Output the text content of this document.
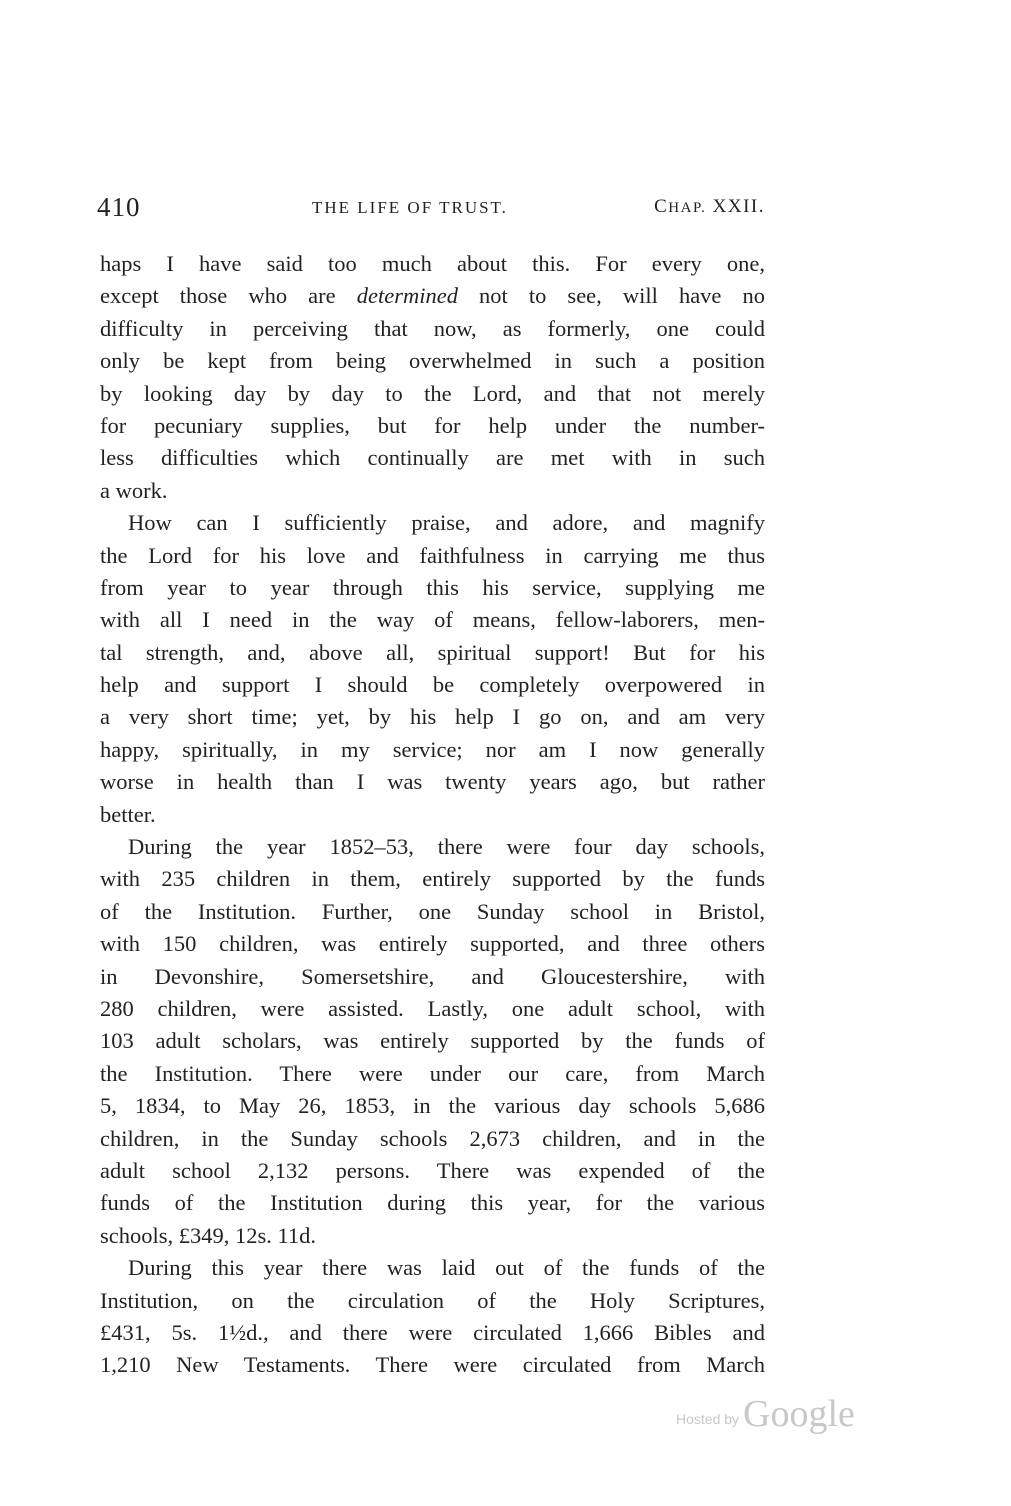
410	THE LIFE OF TRUST.	CHAP. XXII.
haps I have said too much about this. For every one,
except those who are determined not to see, will have no
difficulty in perceiving that now, as formerly, one could
only be kept from being overwhelmed in such a position
by looking day by day to the Lord, and that not merely
for pecuniary supplies, but for help under the number-
less difficulties which continually are met with in such
a work.
How can I sufficiently praise, and adore, and magnify
the Lord for his love and faithfulness in carrying me thus
from year to year through this his service, supplying me
with all I need in the way of means, fellow-laborers, men-
tal strength, and, above all, spiritual support! But for his
help and support I should be completely overpowered in
a very short time; yet, by his help I go on, and am very
happy, spiritually, in my service; nor am I now generally
worse in health than I was twenty years ago, but rather
better.
During the year 1852–53, there were four day schools,
with 235 children in them, entirely supported by the funds
of the Institution. Further, one Sunday school in Bristol,
with 150 children, was entirely supported, and three others
in Devonshire, Somersetshire, and Gloucestershire, with
280 children, were assisted. Lastly, one adult school, with
103 adult scholars, was entirely supported by the funds of
the Institution. There were under our care, from March
5, 1834, to May 26, 1853, in the various day schools 5,686
children, in the Sunday schools 2,673 children, and in the
adult school 2,132 persons. There was expended of the
funds of the Institution during this year, for the various
schools, £349, 12s. 11d.
During this year there was laid out of the funds of the
Institution, on the circulation of the Holy Scriptures,
£431, 5s. 1½d., and there were circulated 1,666 Bibles and
1,210 New Testaments. There were circulated from March
Hosted by Google
